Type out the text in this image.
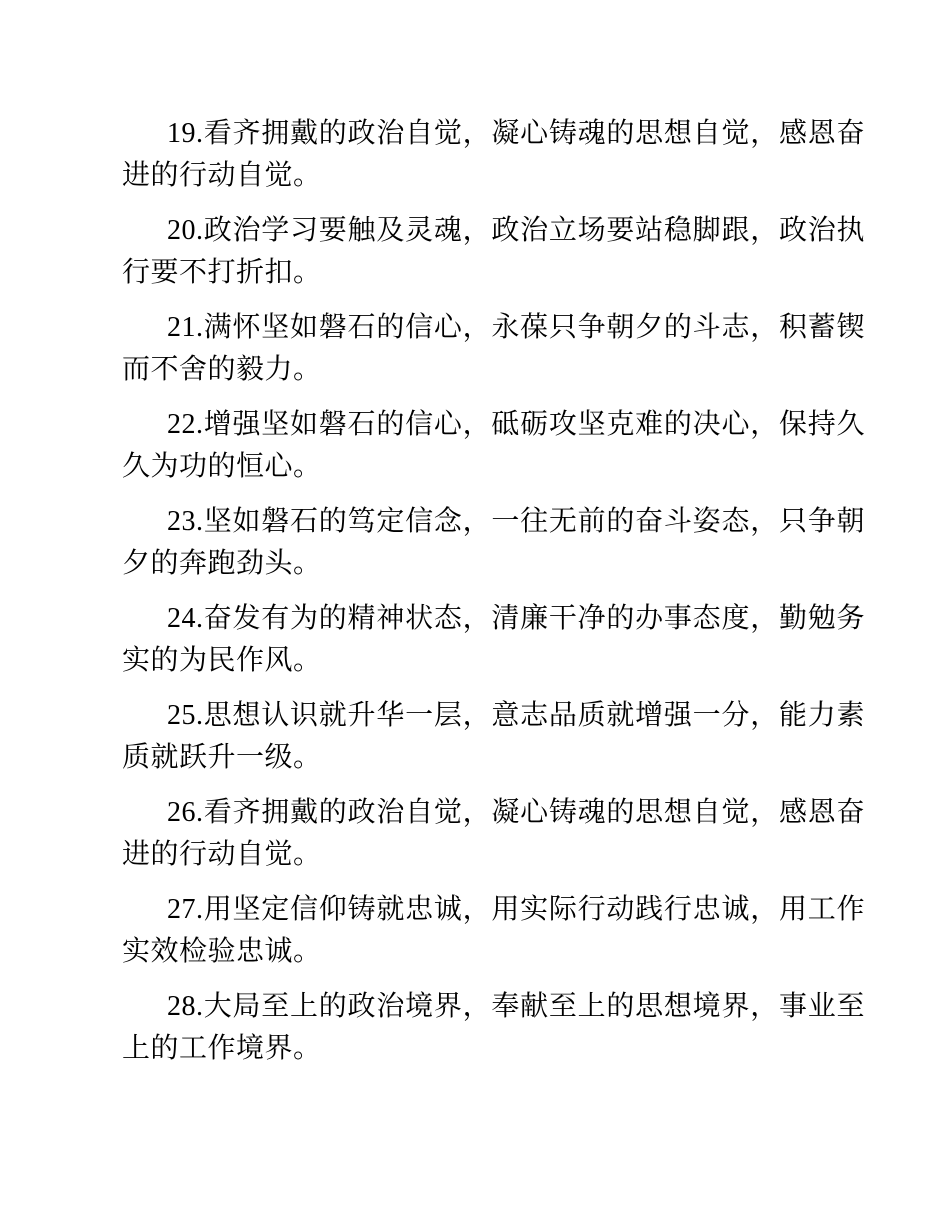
19.看齐拥戴的政治自觉，凝心铸魂的思想自觉，感恩奋进的行动自觉。

20.政治学习要触及灵魂，政治立场要站稳脚跟，政治执行要不打折扣。

21.满怀坚如磐石的信心，永葆只争朝夕的斗志，积蓄锲而不舍的毅力。

22.增强坚如磐石的信心，砥砺攻坚克难的决心，保持久久为功的恒心。

23.坚如磐石的笃定信念，一往无前的奋斗姿态，只争朝夕的奔跑劲头。

24.奋发有为的精神状态，清廉干净的办事态度，勤勉务实的为民作风。

25.思想认识就升华一层，意志品质就增强一分，能力素质就跃升一级。

26.看齐拥戴的政治自觉，凝心铸魂的思想自觉，感恩奋进的行动自觉。

27.用坚定信仰铸就忠诚，用实际行动践行忠诚，用工作实效检验忠诚。

28.大局至上的政治境界，奉献至上的思想境界，事业至上的工作境界。
